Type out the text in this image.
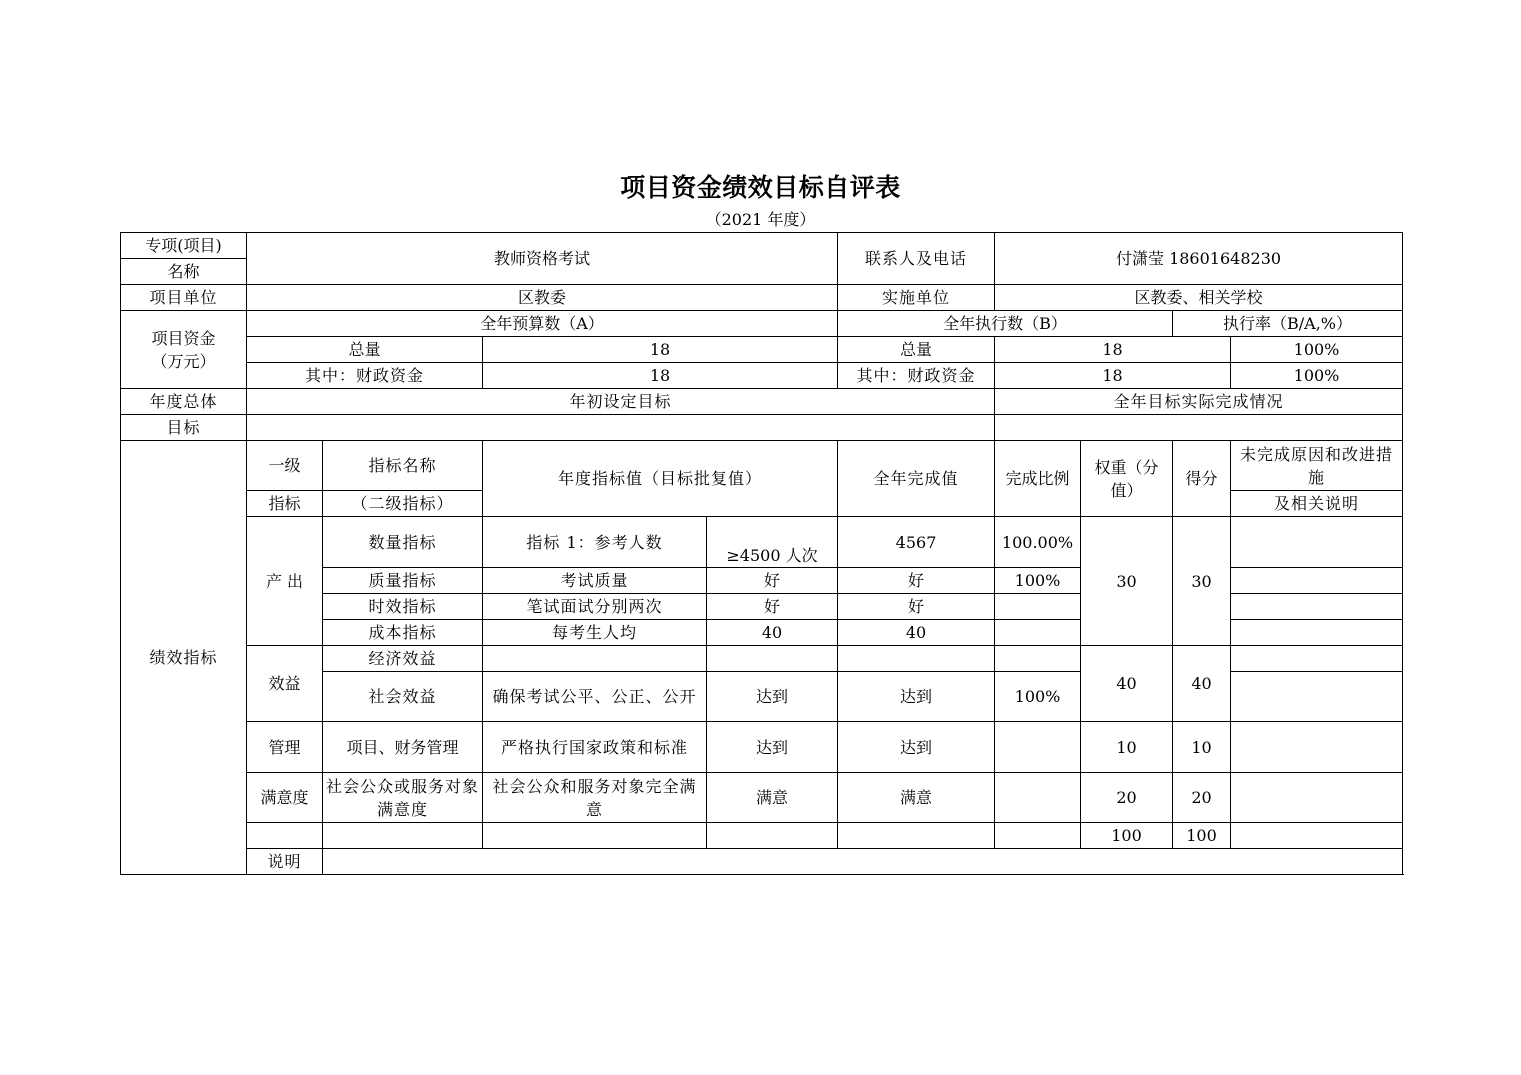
项目资金绩效目标自评表
（2021 年度）
专项(项目)	教师资格考试				联系人及电话	付潇莹 18601648230			
名称									
项目单位	区教委				实施单位	区教委、相关学校			

项目资金
（万元）	全年预算数（A）				全年执行数（B）			执行率（B/A,%）	
	总量		18		总量	18			100%
	其中：财政资金		18		其中：财政资金	18			100%
年度总体	年初设定目标					全年目标实际完成情况			
目标									
绩效指标	一级	指标名称	年度指标值（目标批复值）		全年完成值	完成比例	权重（分值）	得分	未完成原因和改进措施
	指标	（二级指标）							及相关说明
	产 出	数量指标	指标 1：参考人数	≥4500 人次	4567	100.00%	30	30	
		质量指标	考试质量	好	好	100%			
		时效指标	笔试面试分别两次	好	好				
		成本指标	每考生人均	40	40				
	效益	经济效益					40	40	
		社会效益	确保考试公平、公正、公开	达到	达到	100%			
	管理	项目、财务管理	严格执行国家政策和标准	达到	达到		10	10	
	满意度	社会公众或服务对象满意度	社会公众和服务对象完全满意	满意	满意		20	20	
							100	100	
	说明								
